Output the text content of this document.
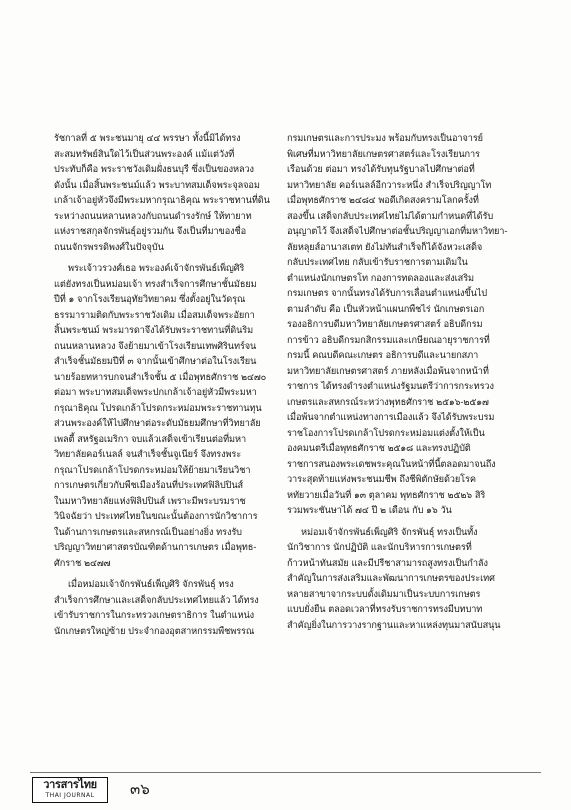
รัชกาลที่ ๕ พระชนมายุ ๔๔ พรรษา ทั้งนี้มิได้ทรง
สะสมทรัพย์สินใดไว้เป็นส่วนพระองค์ แม้แต่วังที่
ประทับก็คือ พระราชวังเดิมฝั่งธนบุรี ซึ่งเป็นของหลวง
ดังนั้น เมื่อสิ้นพระชนม์แล้ว พระบาทสมเด็จพระจุลจอม
เกล้าเจ้าอยู่หัวจึงมีพระมหากรุณาธิคุณ พระราชทานที่ดิน
ระหว่างถนนหลานหลวงกับถนนดำรงรักษ์ ให้ทายาท
แห่งราชสกุลจักรพันธุ์อยู่รวมกัน จึงเป็นที่มาของชื่อ
ถนนจักรพรรดิพงศ์ในปัจจุบัน
พระเจ้าวรวงศ์เธอ พระองค์เจ้าจักรพันธ์เพ็ญศิริ
แต่ยังทรงเป็นหม่อมเจ้า ทรงสำเร็จการศึกษาชั้นมัธยม
ปีที่ ๑ จากโรงเรียนอุทัยวิทยาคม ซึ่งตั้งอยู่ในวัดรุณ
ธรรมารามติดกับพระราชวังเดิม เมื่อสมเด็จพระอัยกา
สิ้นพระชนม์ พระมารดาจึงได้รับพระราชทานที่ดินริม
ถนนหลานหลวง จึงย้ายมาเข้าโรงเรียนเทพศิรินทร์จน
สำเร็จชั้นมัธยมปีที่ ๓ จากนั้นเข้าศึกษาต่อในโรงเรียน
นายร้อยทหารบกจนสำเร็จชั้น ๕ เมื่อพุทธศักราช ๒๔๗๐
ต่อมา พระบาทสมเด็จพระปกเกล้าเจ้าอยู่หัวมีพระมหา
กรุณาธิคุณ โปรดเกล้าโปรดกระหม่อมพระราชทานทุน
ส่วนพระองค์ให้ไปศึกษาต่อระดับมัธยมศึกษาที่วิทยาลัย
เพลตี้ สหรัฐอเมริกา จบแล้วเสด็จเข้าเรียนต่อที่มหา
วิทยาลัยคอร์เนลล์ จนสำเร็จชั้นจูเนียร์ จึงทรงพระ
กรุณาโปรดเกล้าโปรดกระหม่อมให้ย้ายมาเรียนวิชา
การเกษตรเกี่ยวกับพืชเมืองร้อนที่ประเทศฟิลิปปินส์
ในมหาวิทยาลัยแห่งฟิลิปปินส์ เพราะมีพระบรมราช
วินิจฉัยว่า ประเทศไทยในขณะนั้นต้องการนักวิชาการ
ในด้านการเกษตรและสหกรณ์เป็นอย่างยิ่ง ทรงรับ
ปริญญาวิทยาศาสตรบัณฑิตด้านการเกษตร เมื่อพุทธ-
ศักราช ๒๔๗๗
เมื่อหม่อมเจ้าจักรพันธ์เพ็ญศิริ จักรพันธุ์ ทรง
สำเร็จการศึกษาและเสด็จกลับประเทศไทยแล้ว ได้ทรง
เข้ารับราชการในกระทรวงเกษตราธิการ ในตำแหน่ง
นักเกษตรใหญ่ซ้าย ประจำกองอุตสาหกรรมพืชพรรณ
กรมเกษตรและการประมง พร้อมกับทรงเป็นอาจารย์
พิเศษที่มหาวิทยาลัยเกษตรศาสตร์และโรงเรียนการ
เรือนด้วย ต่อมา ทรงได้รับทุนรัฐบาลไปศึกษาต่อที่
มหาวิทยาลัย คอร์เนลล์อีกวาระหนึ่ง สำเร็จปริญญาโท
เมื่อพุทธศักราช ๒๔๘๔ พอดีเกิดสงครามโลกครั้งที่
สองขึ้น เสด็จกลับประเทศไทยไม่ได้ตามกำหนดที่ได้รับ
อนุญาตไว้ จึงเสด็จไปศึกษาต่อชั้นปริญญาเอกที่มหาวิทยา-
ลัยหลุยส์อานาสเตท ยังไม่ทันสำเร็จก็ได้จังหวะเสด็จ
กลับประเทศไทย กลับเข้ารับราชการตามเดิมใน
ตำแหน่งนักเกษตรโท กองการทดลองและส่งเสริม
กรมเกษตร จากนั้นทรงได้รับการเลื่อนตำแหน่งขึ้นไป
ตามลำดับ คือ เป็นหัวหน้าแผนกพืชไร่ นักเกษตรเอก
รองอธิการบดีมหาวิทยาลัยเกษตรศาสตร์ อธิบดีกรม
การข้าว อธิบดีกรมกสิกรรมและเกษียณอายุราชการที่
กรมนี้ คณบดีคณะเกษตร อธิการบดีและนายกสภา
มหาวิทยาลัยเกษตรศาสตร์ ภายหลังเมื่อพ้นจากหน้าที่
ราชการ ได้ทรงดำรงตำแหน่งรัฐมนตรีว่าการกระทรวง
เกษตรและสหกรณ์ระหว่างพุทธศักราช ๒๕๑๖-๒๕๑๗
เมื่อพ้นจากตำแหน่งทางการเมืองแล้ว จึงได้รับพระบรม
ราชโองการโปรดเกล้าโปรดกระหม่อมแต่งตั้งให้เป็น
องคมนตรีเมื่อพุทธศักราช ๒๕๑๘ และทรงปฏิบัติ
ราชการสนองพระเดชพระคุณในหน้าที่นี้ตลอดมาจนถึง
วาระสุดท้ายแห่งพระชนมชีพ ถึงชีพิตักษัยด้วยโรค
หทัยวายเมื่อวันที่ ๑๓ ตุลาคม พุทธศักราช ๒๕๒๖ สิริ
รวมพระชันษาได้ ๗๔ ปี ๒ เดือน กับ ๑๖ วัน
หม่อมเจ้าจักรพันธ์เพ็ญศิริ จักรพันธุ์ ทรงเป็นทั้ง
นักวิชาการ นักปฏิบัติ และนักบริหารการเกษตรที่
ก้าวหน้าทันสมัย และมีปรีชาสามารถสูงทรงเป็นกำลัง
สำคัญในการส่งเสริมและพัฒนาการเกษตรของประเทศ
หลายสาขาจากระบบดั้งเดิมมาเป็นระบบการเกษตร
แบบยั่งยืน ตลอดเวลาที่ทรงรับราชการทรงมีบทบาท
สำคัญยิ่งในการวางรากฐานและหาแหล่งทุนมาสนับสนุน
วารสารไทย
THAI JOURNAL	๓๖
